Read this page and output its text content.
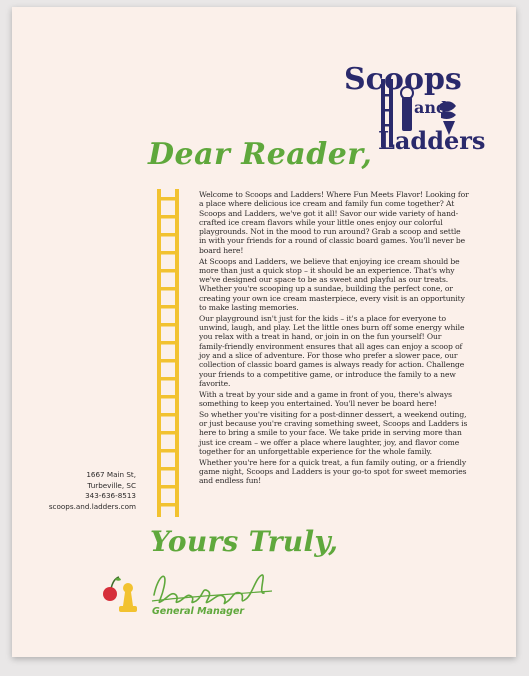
Scoops
and
Ladders
Dear Reader,

Welcome to Scoops and Ladders! Where Fun Meets Flavor! Looking for a place where delicious ice cream and family fun come together? At Scoops and Ladders, we've got it all! Savor our wide variety of hand-crafted ice cream flavors while your little ones enjoy our colorful playgrounds. Not in the mood to run around? Grab a scoop and settle in with your friends for a round of classic board games. You'll never be board here!

At Scoops and Ladders, we believe that enjoying ice cream should be more than just a quick stop – it should be an experience. That's why we've designed our space to be as sweet and playful as our treats. Whether you're scooping up a sundae, building the perfect cone, or creating your own ice cream masterpiece, every visit is an opportunity to make lasting memories.

Our playground isn't just for the kids – it's a place for everyone to unwind, laugh, and play. Let the little ones burn off some energy while you relax with a treat in hand, or join in on the fun yourself! Our family-friendly environment ensures that all ages can enjoy a scoop of joy and a slice of adventure. For those who prefer a slower pace, our collection of classic board games is always ready for action. Challenge your friends to a competitive game, or introduce the family to a new favorite.

With a treat by your side and a game in front of you, there's always something to keep you entertained. You'll never be board here!

So whether you're visiting for a post-dinner dessert, a weekend outing, or just because you're craving something sweet, Scoops and Ladders is here to bring a smile to your face. We take pride in serving more than just ice cream – we offer a place where laughter, joy, and flavor come together for an unforgettable experience for the whole family.

Whether you're here for a quick treat, a fun family outing, or a friendly game night, Scoops and Ladders is your go-to spot for sweet memories and endless fun!

1667 Main St,
Turbeville, SC
343-636-8513
scoops.and.ladders.com
Yours Truly,
General Manager
